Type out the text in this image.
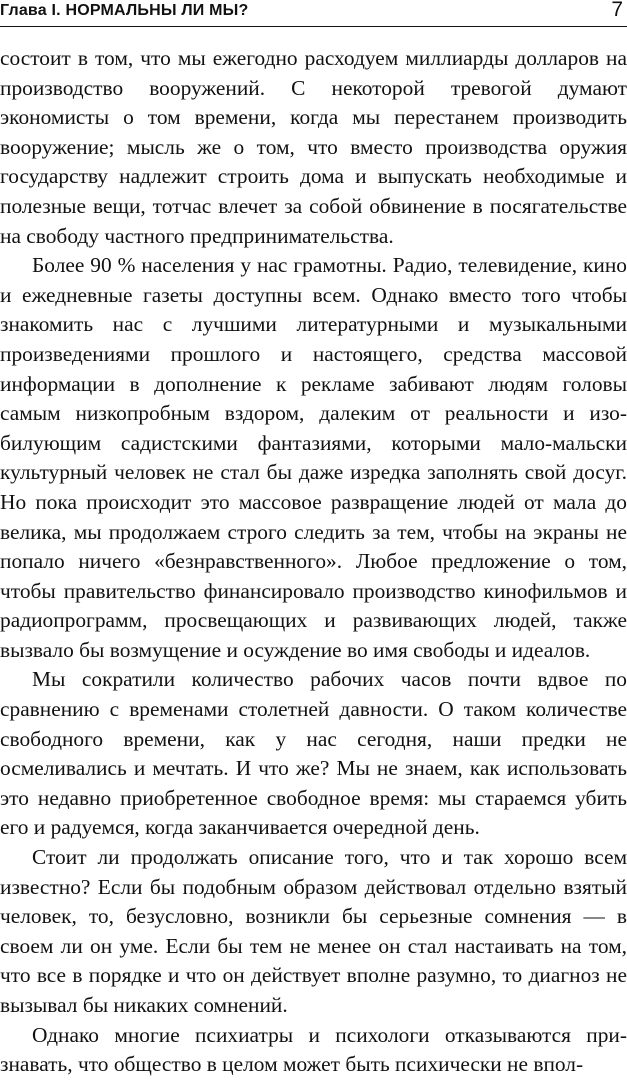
Глава I. НОРМАЛЬНЫ ЛИ МЫ?	7

состоит в том, что мы ежегодно расходуем миллиарды долларов на производство вооружений. С некоторой тревогой думают экономисты о том времени, когда мы перестанем производить вооружение; мысль же о том, что вместо производства оружия государству надлежит строить дома и выпускать необходимые и полезные вещи, тотчас влечет за собой обвинение в посягательстве на свободу частного предпринимательства.

Более 90 % населения у нас грамотны. Радио, телевидение, кино и ежедневные газеты доступны всем. Однако вместо того чтобы знакомить нас с лучшими литературными и музыкальными произведениями прошлого и настоящего, средства массовой информации в дополнение к рекламе забивают людям головы самым низкопробным вздором, далеким от реальности и изобилующим садистскими фантазиями, которыми мало-мальски культурный человек не стал бы даже изредка заполнять свой досуг. Но пока происходит это массовое развращение людей от мала до велика, мы продолжаем строго следить за тем, чтобы на экраны не попало ничего «безнравственного». Любое предложение о том, чтобы правительство финансировало производство кинофильмов и радиопрограмм, просвещающих и развивающих людей, также вызвало бы возмущение и осуждение во имя свободы и идеалов.

Мы сократили количество рабочих часов почти вдвое по сравнению с временами столетней давности. О таком количестве свободного времени, как у нас сегодня, наши предки не осмеливались и мечтать. И что же? Мы не знаем, как использовать это недавно приобретенное свободное время: мы стараемся убить его и радуемся, когда заканчивается очередной день.

Стоит ли продолжать описание того, что и так хорошо всем известно? Если бы подобным образом действовал отдельно взятый человек, то, безусловно, возникли бы серьезные сомнения — в своем ли он уме. Если бы тем не менее он стал настаивать на том, что все в порядке и что он действует вполне разумно, то диагноз не вызывал бы никаких сомнений.

Однако многие психиатры и психологи отказываются признавать, что общество в целом может быть психически не впол-
